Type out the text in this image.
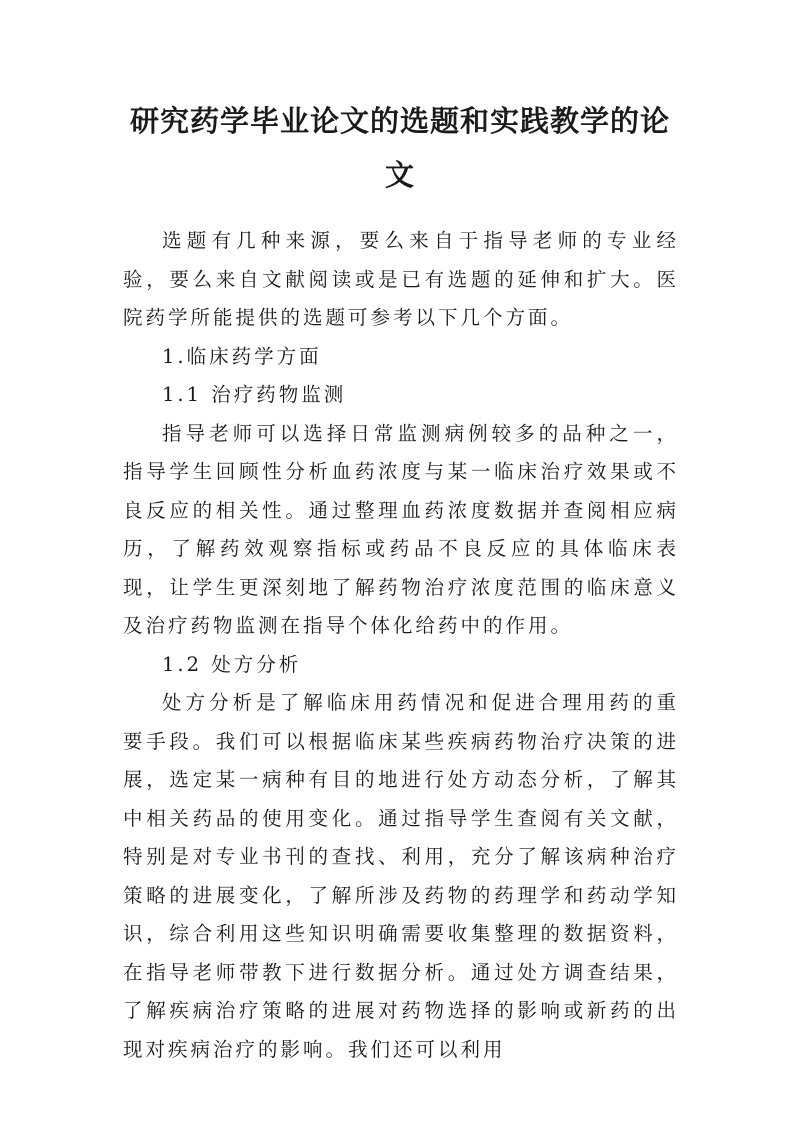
研究药学毕业论文的选题和实践教学的论文

选题有几种来源，要么来自于指导老师的专业经验，要么来自文献阅读或是已有选题的延伸和扩大。医院药学所能提供的选题可参考以下几个方面。

1.临床药学方面

1.1 治疗药物监测

指导老师可以选择日常监测病例较多的品种之一，指导学生回顾性分析血药浓度与某一临床治疗效果或不良反应的相关性。通过整理血药浓度数据并查阅相应病历，了解药效观察指标或药品不良反应的具体临床表现，让学生更深刻地了解药物治疗浓度范围的临床意义及治疗药物监测在指导个体化给药中的作用。

1.2 处方分析

处方分析是了解临床用药情况和促进合理用药的重要手段。我们可以根据临床某些疾病药物治疗决策的进展，选定某一病种有目的地进行处方动态分析，了解其中相关药品的使用变化。通过指导学生查阅有关文献，特别是对专业书刊的查找、利用，充分了解该病种治疗策略的进展变化，了解所涉及药物的药理学和药动学知识，综合利用这些知识明确需要收集整理的数据资料，在指导老师带教下进行数据分析。通过处方调查结果，了解疾病治疗策略的进展对药物选择的影响或新药的出现对疾病治疗的影响。我们还可以利用
